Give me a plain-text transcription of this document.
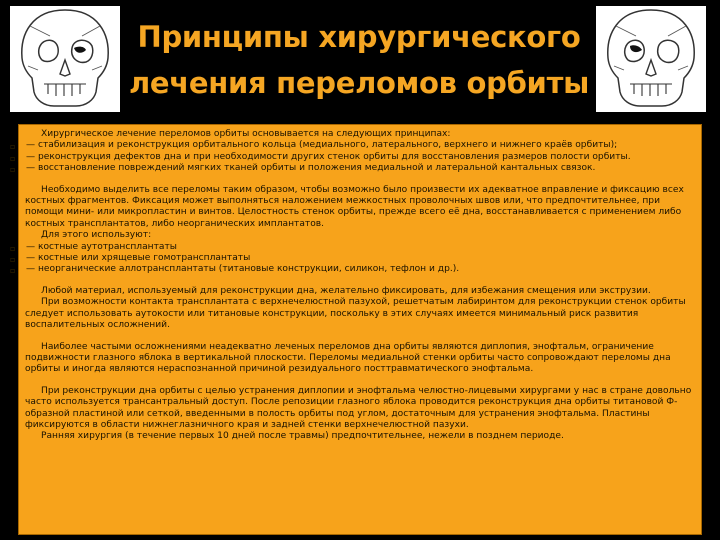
Принципы хирургического
лечения переломов орбиты

Хирургическое лечение переломов орбиты основывается на следующих принципах:

▫ — стабилизация и реконструкция орбитального кольца (медиального, латерального, верхнего и нижнего краёв орбиты);
▫ — реконструкция дефектов дна и при необходимости других стенок орбиты для восстановления размеров полости орбиты.
▫ — восстановление повреждений мягких тканей орбиты и положения медиальной и латеральной кантальных связок.

Необходимо выделить все переломы таким образом, чтобы возможно было произвести их адекватное вправление и фиксацию всех костных фрагментов. Фиксация может выполняться наложением межкостных проволочных швов или, что предпочтительнее, при помощи мини- или микропластин и винтов. Целостность стенок орбиты, прежде всего её дна, восстанавливается с применением либо костных трансплантатов, либо неорганических имплантатов.

Для этого используют:

▫ — костные аутотрансплантаты
▫ — костные или хрящевые гомотрансплантаты
▫ — неорганические аллотрансплантаты (титановые конструкции, силикон, тефлон и др.).

Любой материал, используемый для реконструкции дна, желательно фиксировать, для избежания смещения или экструзии.

При возможности контакта трансплантата с верхнечелюстной пазухой, решетчатым лабиринтом для реконструкции стенок орбиты следует использовать аутокости или титановые конструкции, поскольку в этих случаях имеется минимальный риск развития воспалительных осложнений.

Наиболее частыми осложнениями неадекватно леченых переломов дна орбиты являются диплопия, энофтальм, ограничение подвижности глазного яблока в вертикальной плоскости. Переломы медиальной стенки орбиты часто сопровождают переломы дна орбиты и иногда являются нераспознанной причиной резидуального посттравматического энофтальма.

При реконструкции дна орбиты с целью устранения диплопии и энофтальма челюстно-лицевыми хирургами у нас в стране довольно часто используется трансантральный доступ. После репозиции глазного яблока проводится реконструкция дна орбиты титановой Ф-образной пластиной или сеткой, введенными в полость орбиты под углом, достаточным для устранения энофтальма. Пластины фиксируются в области нижнеглазничного края и задней стенки верхнечелюстной пазухи.

Ранняя хирургия (в течение первых 10 дней после травмы) предпочтительнее, нежели в позднем периоде.
